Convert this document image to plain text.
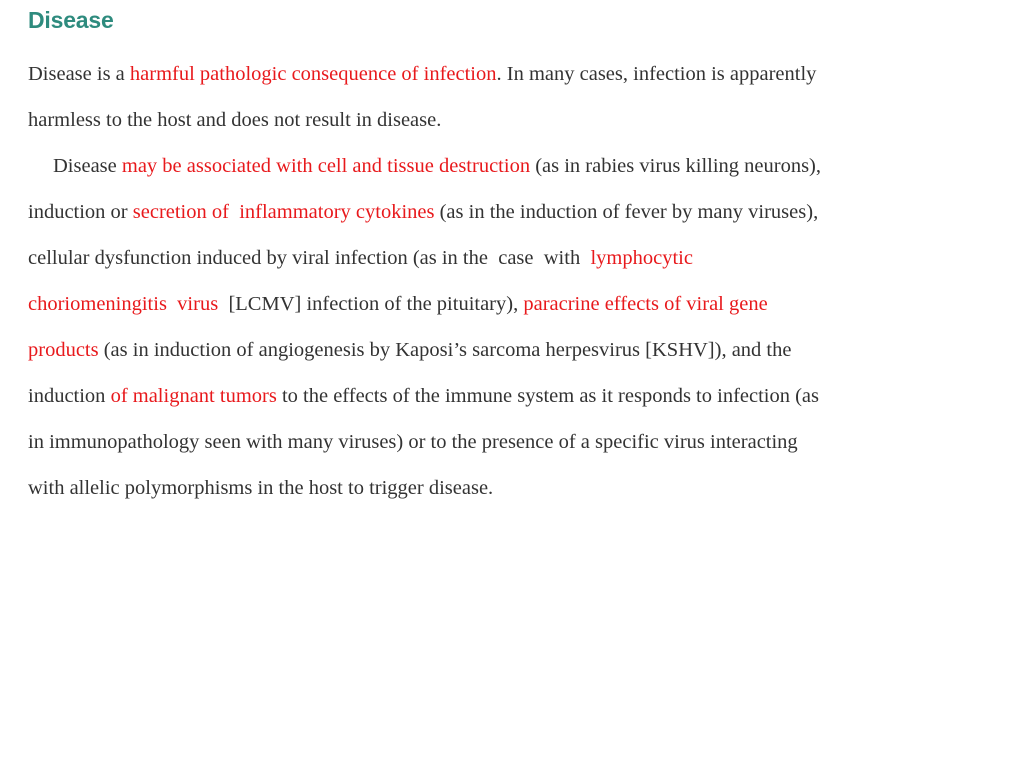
Disease
Disease is a harmful pathologic consequence of infection. In many cases, infection is apparently
harmless to the host and does not result in disease.
Disease may be associated with cell and tissue destruction (as in rabies virus killing neurons),
induction or secretion of  inflammatory cytokines (as in the induction of fever by many viruses),
cellular dysfunction induced by viral infection (as in the  case  with  lymphocytic
choriomeningitis  virus  [LCMV] infection of the pituitary), paracrine effects of viral gene
products (as in induction of angiogenesis by Kaposi’s sarcoma herpesvirus [KSHV]), and the
induction of malignant tumors to the effects of the immune system as it responds to infection (as
in immunopathology seen with many viruses) or to the presence of a specific virus interacting
with allelic polymorphisms in the host to trigger disease.
